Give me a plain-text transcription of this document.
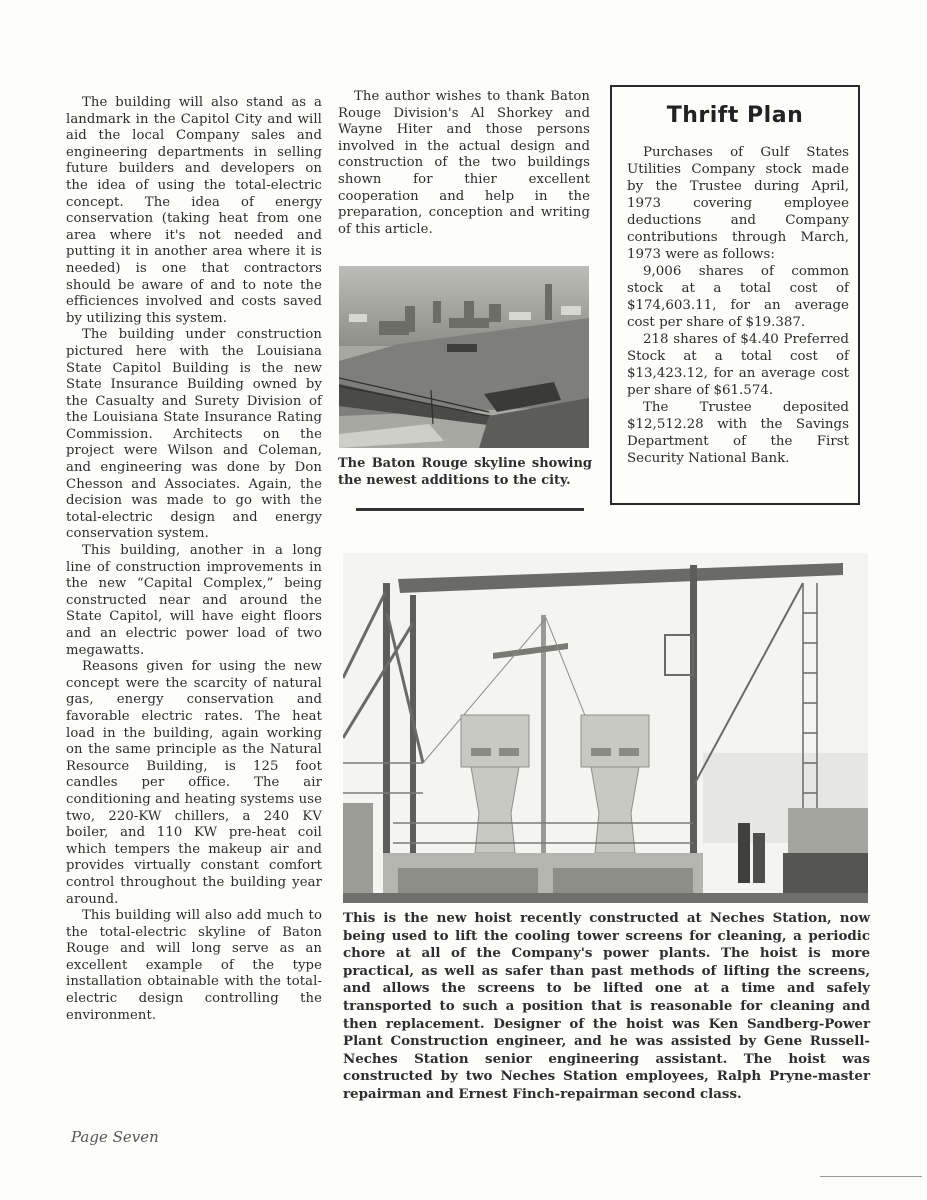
The building will also stand as a landmark in the Capitol City and will aid the local Company sales and engineering departments in selling future builders and developers on the idea of using the total-electric concept. The idea of energy conservation (taking heat from one area where it's not needed and putting it in another area where it is needed) is one that contractors should be aware of and to note the efficiences involved and costs saved by utilizing this system.

The building under construction pictured here with the Louisiana State Capitol Building is the new State Insurance Building owned by the Casualty and Surety Division of the Louisiana State Insurance Rating Commission. Architects on the project were Wilson and Coleman, and engineering was done by Don Chesson and Associates. Again, the decision was made to go with the total-electric design and energy conservation system.

This building, another in a long line of construction improvements in the new “Capital Complex,” being constructed near and around the State Capitol, will have eight floors and an electric power load of two megawatts.

Reasons given for using the new concept were the scarcity of natural gas, energy conservation and favorable electric rates. The heat load in the building, again working on the same principle as the Natural Resource Building, is 125 foot candles per office. The air conditioning and heating systems use two, 220-KW chillers, a 240 KV boiler, and 110 KW pre-heat coil which tempers the makeup air and provides virtually constant comfort control throughout the building year around.

This building will also add much to the total-electric skyline of Baton Rouge and will long serve as an excellent example of the type installation obtainable with the total-electric design controlling the environment.

The author wishes to thank Baton Rouge Division's Al Shorkey and Wayne Hiter and those persons involved in the actual design and construction of the two buildings shown for thier excellent cooperation and help in the preparation, conception and writing of this article.

The Baton Rouge skyline showing the newest additions to the city.
Thrift Plan

Purchases of Gulf States Utilities Company stock made by the Trustee during April, 1973 covering employee deductions and Company contributions through March, 1973 were as follows:

9,006 shares of common stock at a total cost of $174,603.11, for an average cost per share of $19.387.

218 shares of $4.40 Preferred Stock at a total cost of $13,423.12, for an average cost per share of $61.574.

The Trustee deposited $12,512.28 with the Savings Department of the First Security National Bank.

This is the new hoist recently constructed at Neches Station, now being used to lift the cooling tower screens for cleaning, a periodic chore at all of the Company's power plants. The hoist is more practical, as well as safer than past methods of lifting the screens, and allows the screens to be lifted one at a time and safely transported to such a position that is reasonable for cleaning and then replacement. Designer of the hoist was Ken Sandberg-Power Plant Construction engineer, and he was assisted by Gene Russell-Neches Station senior engineering assistant. The hoist was constructed by two Neches Station employees, Ralph Pryne-master repairman and Ernest Finch-repairman second class.
Page Seven
